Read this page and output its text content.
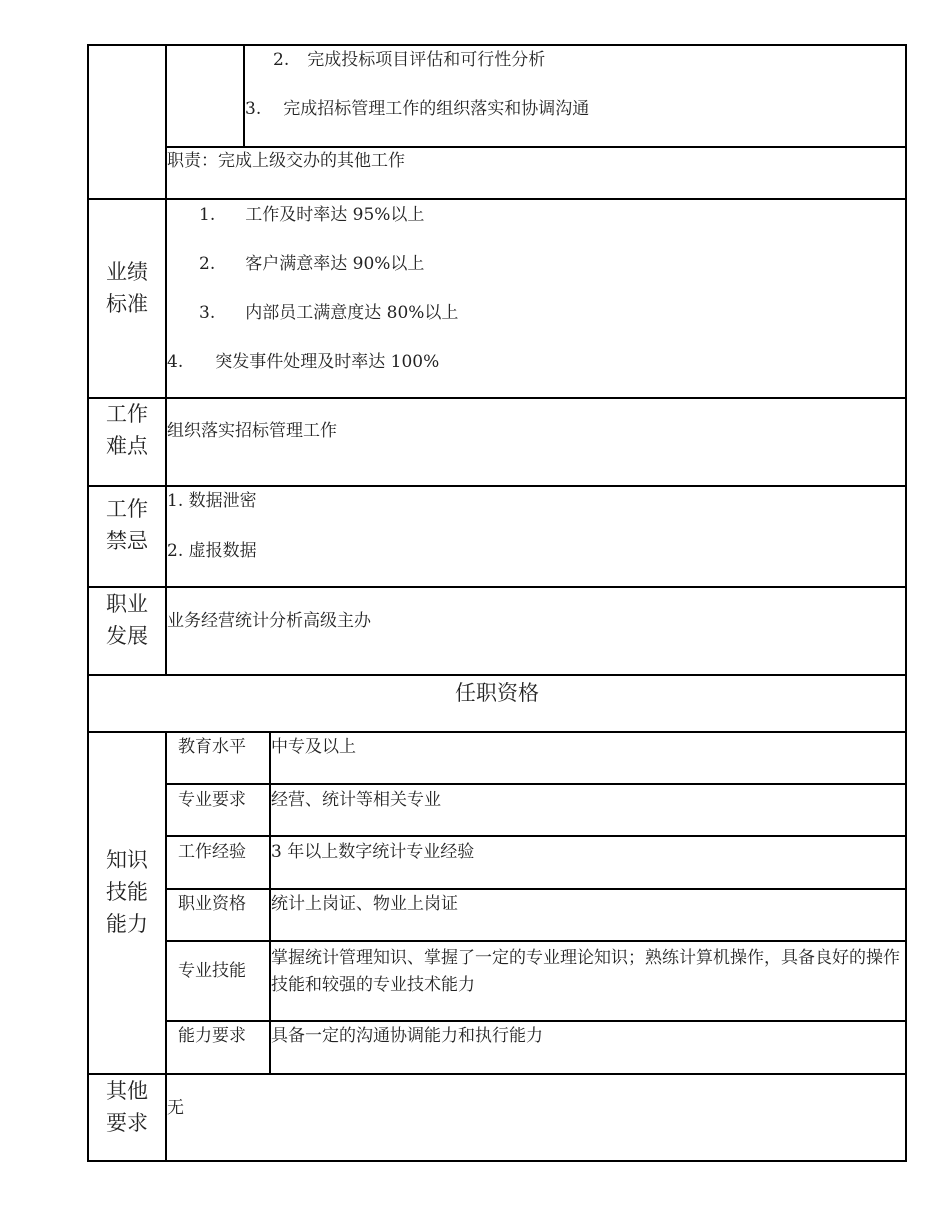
2. 完成投标项目评估和可行性分析
3. 完成招标管理工作的组织落实和协调沟通
职责：完成上级交办的其他工作
业绩
标准
1. 工作及时率达 95%以上
2. 客户满意率达 90%以上
3. 内部员工满意度达 80%以上
4. 突发事件处理及时率达 100%
工作
难点
组织落实招标管理工作
工作
禁忌
1. 数据泄密
2. 虚报数据
职业
发展
业务经营统计分析高级主办
任职资格
知识
技能
能力
教育水平 中专及以上
专业要求 经营、统计等相关专业
工作经验 3 年以上数字统计专业经验
职业资格 统计上岗证、物业上岗证
专业技能
掌握统计管理知识、掌握了一定的专业理论知识；熟练计算机操作，具备良好的操作技能和较强的专业技术能力
能力要求 具备一定的沟通协调能力和执行能力
其他
要求
无
